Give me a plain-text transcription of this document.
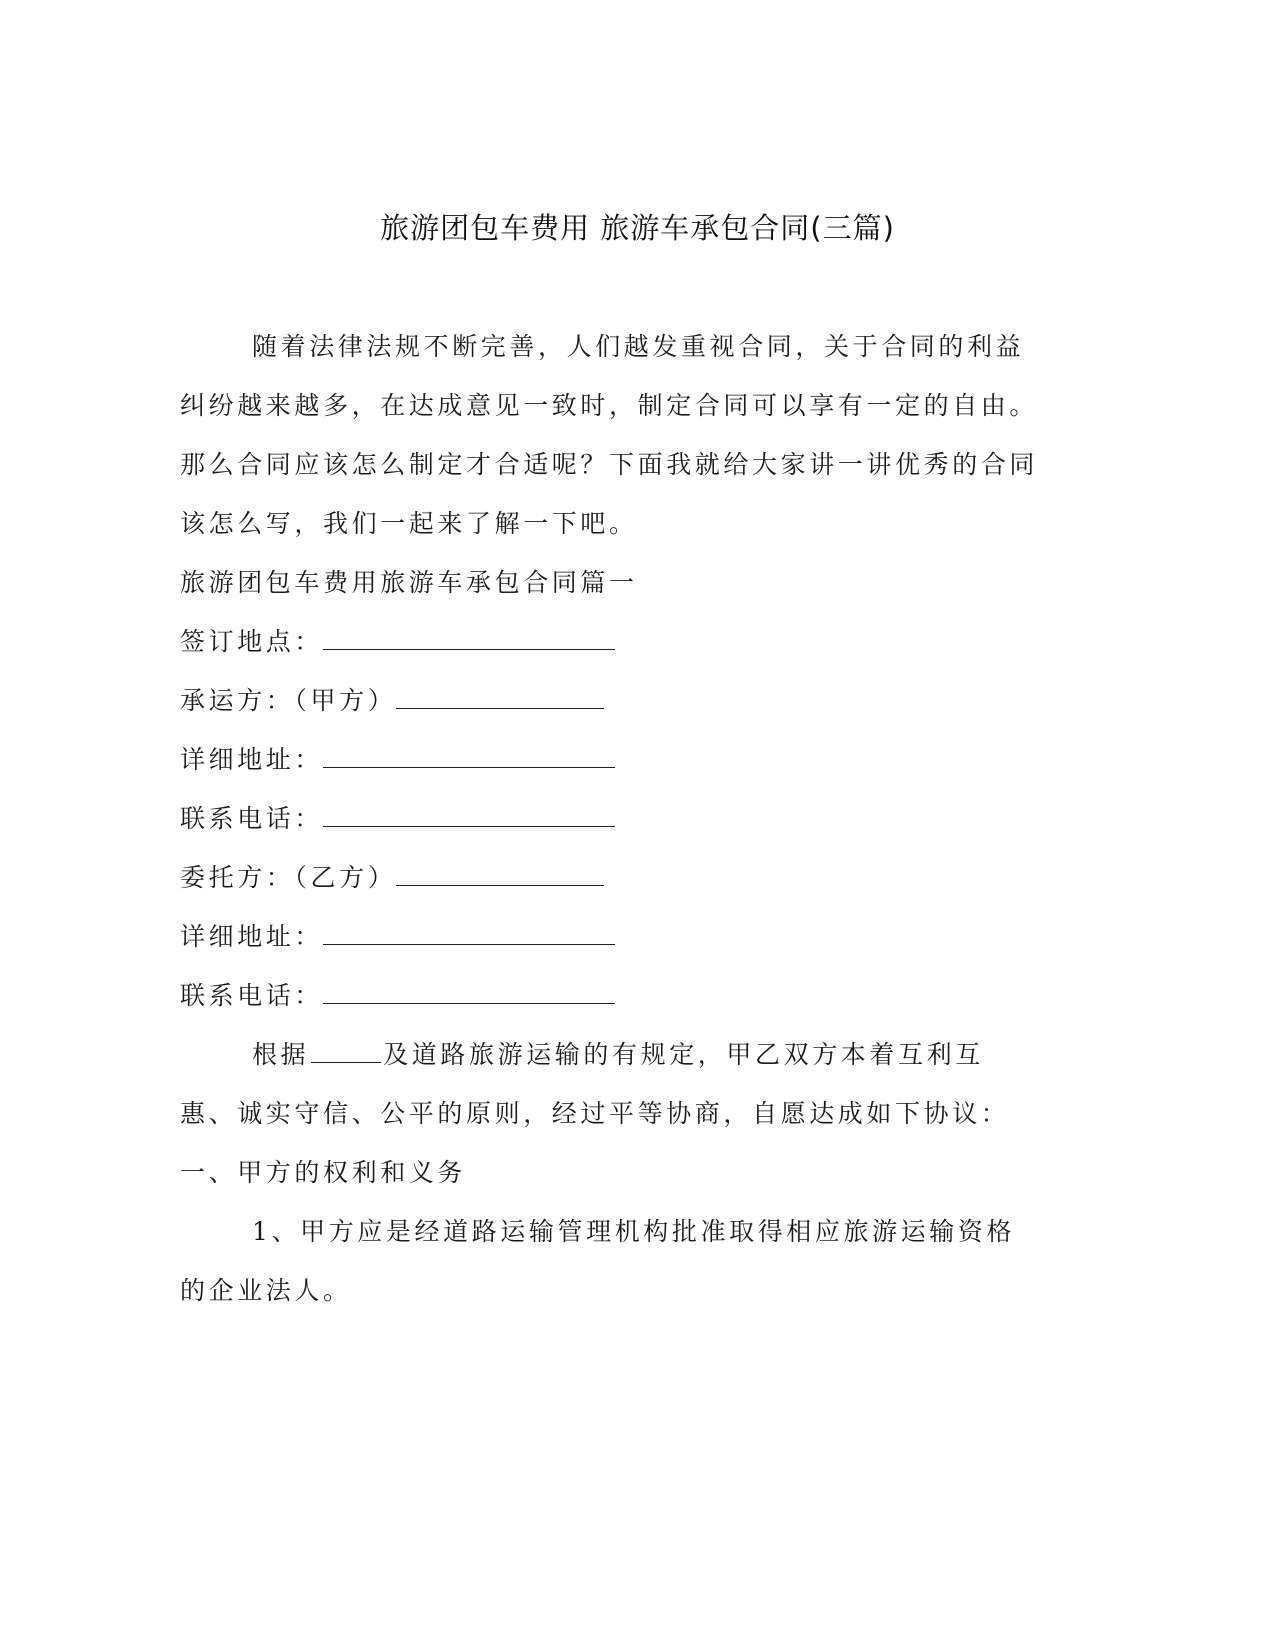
旅游团包车费用 旅游车承包合同(三篇)

随着法律法规不断完善，人们越发重视合同，关于合同的利益纠纷越来越多，在达成意见一致时，制定合同可以享有一定的自由。那么合同应该怎么制定才合适呢？下面我就给大家讲一讲优秀的合同该怎么写，我们一起来了解一下吧。

旅游团包车费用旅游车承包合同篇一

签订地点：

承运方：（甲方）

详细地址：

联系电话：

委托方：（乙方）

详细地址：

联系电话：

根据	及道路旅游运输的有规定，甲乙双方本着互利互惠、诚实守信、公平的原则，经过平等协商，自愿达成如下协议：

一、甲方的权利和义务

1、甲方应是经道路运输管理机构批准取得相应旅游运输资格的企业法人。
